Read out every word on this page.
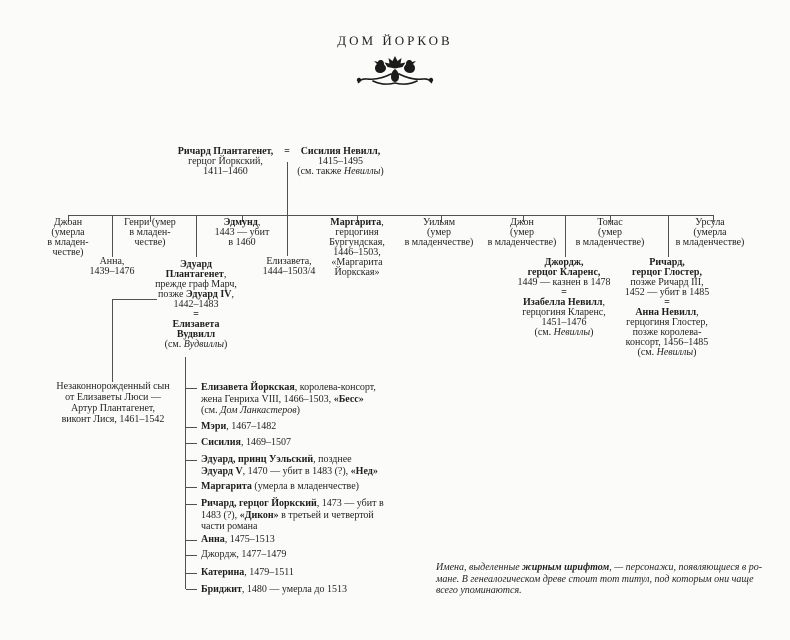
ДОМ ЙОРКОВ
Ричард Плантагенет,
герцог Йоркский,
1411–1460
=	Сисилия Невилл,
1415–1495
(см. также Невиллы)
Джоан
(умерла
в младен-
честве)
Генри (умер
в младен-
честве)
Эдмунд,
1443 — убит
в 1460
Маргарита,
герцогиня
Бургундская,
1446–1503,
«Маргарита
Йоркская»
Уильям
(умер
в младенчестве)
Джон
(умер
в младенчестве)
Томас
(умер
в младенчестве)
Урсула
(умерла
в младенчестве)
Анна,
1439–1476
Эдуард
Плантагенет,
прежде граф Марч,
позже Эдуард IV,
1442–1483
=
Елизавета
Вудвилл
(см. Вудвиллы)
Елизавета,
1444–1503/4
Джордж,
герцог Кларенс,
1449 — казнен в 1478
=
Изабелла Невилл,
герцогиня Кларенс,
1451–1476
(см. Невиллы)
Ричард,
герцог Глостер,
позже Ричард III,
1452 — убит в 1485
=
Анна Невилл,
герцогиня Глостер,
позже королева-
консорт, 1456–1485
(см. Невиллы)
Незаконнорожденный сын
от Елизаветы Люси —
Артур Плантагенет,
виконт Лися, 1461–1542
Елизавета Йоркская, королева-консорт,
жена Генриха VIII, 1466–1503, «Бесс»
(см. Дом Ланкастеров)
Мэри, 1467–1482
Сисилия, 1469–1507
Эдуард, принц Уэльский, позднее
Эдуард V, 1470 — убит в 1483 (?), «Нед»
Маргарита (умерла в младенчестве)
Ричард, герцог Йоркский, 1473 — убит в
1483 (?), «Дикон» в третьей и четвертой
части романа
Анна, 1475–1513
Джордж, 1477–1479
Катерина, 1479–1511
Бриджит, 1480 — умерла до 1513
Имена, выделенные жирным шрифтом, — персонажи, появляющиеся в ро-
мане. В генеалогическом древе стоит тот титул, под которым они чаще
всего упоминаются.
